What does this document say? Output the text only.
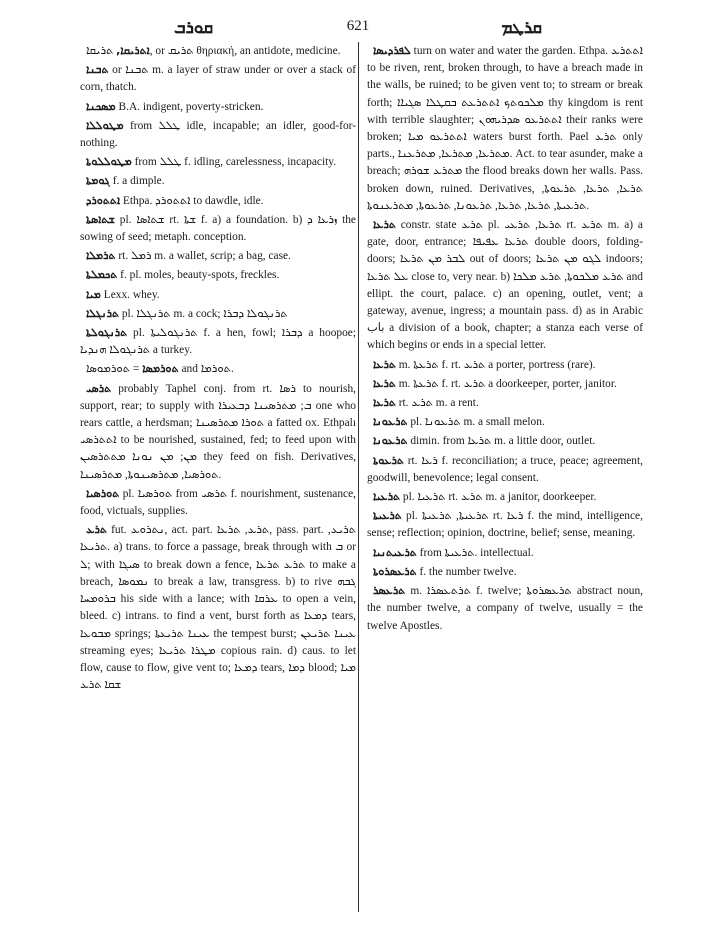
ܩܘܪܒ	621	ܩܪܛܡ

ܐܬܪܝܩܐ, ܬܪܝܩܐ, or ܬܪܝܩ θηριακή, an antidote, medicine.

ܬܒܢܐ or ܬܒܢܐ m. a layer of straw under or over a stack of corn, thatch.

ܡܣܟܢܐ B.A. indigent, poverty-stricken.

ܡܛܘܠܠܐ from ܛܠܠ idle, incapable; an idler, good-for-nothing.

ܡܛܘܠܠܘܬܐ from ܛܠܠ f. idling, carelessness, incapacity.

ܓܘܡܬܐ f. a dimple.

ܐܬܬܘܪܕ Ethpa. ܐܬܬܘܪܕ to dawdle, idle.

ܫܬܐܣܬܐ pl. ܫܬܐܣܐ rt. ܫܬܐ f. a) a foundation. b) ܙܪܥܐ ܕ the sowing of seed; metaph. conception.

ܬܪܡܠܐ rt. ܪܡܠ m. a wallet, scrip; a bag, case.

ܬܟܡܠܬܐ f. pl. moles, beauty-spots, freckles.

ܡܝܐ Lexx. whey.

ܬܪܢܓܠܐ pl. ܬܪܢܓܠܐ m. a cock; ܬܪܢܓܘܠܐ ܕܒܪܐ

ܬܪܢܓܘܠܬܐ pl. ܬܪܢܓܘܠܝܬܐ f. a hen, fowl; ܕܒܪܐ a hoopoe; ܬܪܢܓܘܠܐ ܗܢܕܝܐ a turkey.

ܬܘܪܡܣܐ = ܬܘܪܡܘܣܐ and ܬܘܪܡܐ.

ܬܪܣܝ probably Taphel conj. from rt. ܪܣܐ to nourish, support, rear; to supply with ܒ; ܡܬܪܣܝܢܐ ܕܒܥܝܪܐ one who rears cattle, a herdsman; ܬܘܪܐ ܡܬܪܣܝܢܐ a fatted ox. Ethpalı ܐܬܬܪܣܝ to be nourished, sustained, fed; to feed upon with ܡܢ; ܡܢ ܢܘܢܐ ܡܬܬܪܣܝܢ they feed on fish. Derivatives, ܬܘܪܣܝܐ, ܡܬܪܣܝܢܘܬܐ, ܡܬܪܣܝܢܐ.

ܬܘܪܣܝܐ pl. ܬܘܪܣܝܐ from ܬܪܣܝ f. nourishment, sustenance, food, victuals, supplies.

ܬܪܥ fut. ܢܬܪܘܥ, act. part. ܬܪܥ, ܬܪܥܐ, pass. part. ܬܪܝܥ, ܬܪܝܥܐ. a) trans. to force a passage, break through with ܒ or ܠ; with ܣܝܓܐ to break down a fence, ܬܪܥ ܬܪܥܐ to make a breach, ܢܡܘܣܐ to break a law, transgress. b) to rive ܓܒܗ ܒܪܘܡܚܐ his side with a lance; with ܥܪܩܐ to open a vein, bleed. c) intrans. to find a vent, burst forth as ܕܡܥܐ tears, ܡܒܘܥܐ springs; ܥܝܢܐ ܬܪܝܥܬܐ the tempest burst; ܥܝܢܐ ܬܪܝܥܢ streaming eyes; ܡܛܪܐ ܬܪܝܥܐ copious rain. d) caus. to let flow, cause to flow, give vent to; ܕܡܥܐ tears, ܕܡܐ blood; ܡܝܐ ܫܩܐ ܬܪܥ

ܠܦܪܕܝܣܐ turn on water and water the garden. Ethpa. ܐܬܬܪܥ to be riven, rent, broken through, to have a breach made in the walls, be ruined; to be given vent to; to stream or break forth; ܡܠܟܘܬܟ ܐܬܬܪܥܬ ܒܩܛܠܐ ܣܓܝܐܐ thy kingdom is rent with terrible slaughter; ܐܬܬܪܥܘ ܣܕܪܝܗܘܢ their ranks were broken; ܐܬܬܪܥܘ ܡܝܐ waters burst forth. Pael ܬܪܥ only parts., ܡܬܪܥܐ, ܡܬܪܥܐ, ܡܬܪܥܢܐ. Act. to tear asunder, make a breach; ܡܬܪܥ ܫܘܪܗ the flood breaks down her walls. Pass. broken down, ruined. Derivatives, ܬܪܥܐ, ܬܪܥܐ, ܬܪܥܘܬܐ, ܬܪܥܝܬܐ, ܬܪܥܐ, ܬܪܥܐ, ܬܪܥܘܢܐ, ܬܪܥܘܬܐ, ܡܬܪܥܢܘܬܐ.

ܬܪܥܐ constr. state ܬܪܥ pl. ܬܪܥܐ, ܬܪܥܝ rt. ܬܪܥ m. a) a gate, door, entrance; ܬܪܥܐ ܥܦܝܦܐ double doors, folding-doors; ܠܒܪ ܡܢ ܬܪܥܐ out of doors; ܠܓܘ ܡܢ ܬܪܥܐ indoors; ܥܠ ܬܪܥܐ close to, very near. b) ܬܪܥ ܡܠܟܘܬܐ, ܬܪܥ ܡܠܟܐ and ellipt. the court, palace. c) an opening, outlet, vent; a gateway, avenue, ingress; a mountain pass. d) as in Arabic باب a division of a book, chapter; a stanza each verse of which begins or ends in a special letter.

ܬܪܥܐ m. ܬܪܥܬܐ f. rt. ܬܪܥ a porter, portress (rare).

ܬܪܥܐ m. ܬܪܥܬܐ f. rt. ܬܪܥ a doorkeeper, porter, janitor.

ܬܪܥܐ rt. ܬܪܥ m. a rent.

ܬܪܥܘܢܐ pl. ܬܪܥܘܢܐ m. a small melon.

ܬܪܥܘܢܐ dimin. from ܬܪܥܐ m. a little door, outlet.

ܬܪܥܘܬܐ rt. ܪܥܐ f. reconciliation; a truce, peace; agreement, goodwill, benevolence; legal consent.

ܬܪܥܝܐ pl. ܬܪܥܝܐ rt. ܬܪܥ m. a janitor, doorkeeper.

ܬܪܥܝܬܐ pl. ܬܪܥܝܬܐ, ܬܪܥܝܬܐ rt. ܪܥܐ f. the mind, intelligence, sense; reflection; opinion, doctrine, belief; sense, meaning.

ܬܪܥܝܬܢܝܐ from ܬܪܥܝܬܐ. intellectual.

ܬܪܥܣܪܘܬܐ f. the number twelve.

ܬܪܥܣܪ m. ܬܪܬܥܣܪܐ f. twelve; ܬܪܥܣܪܘܬܐ abstract noun, the number twelve, a company of twelve, usually = the twelve Apostles.
